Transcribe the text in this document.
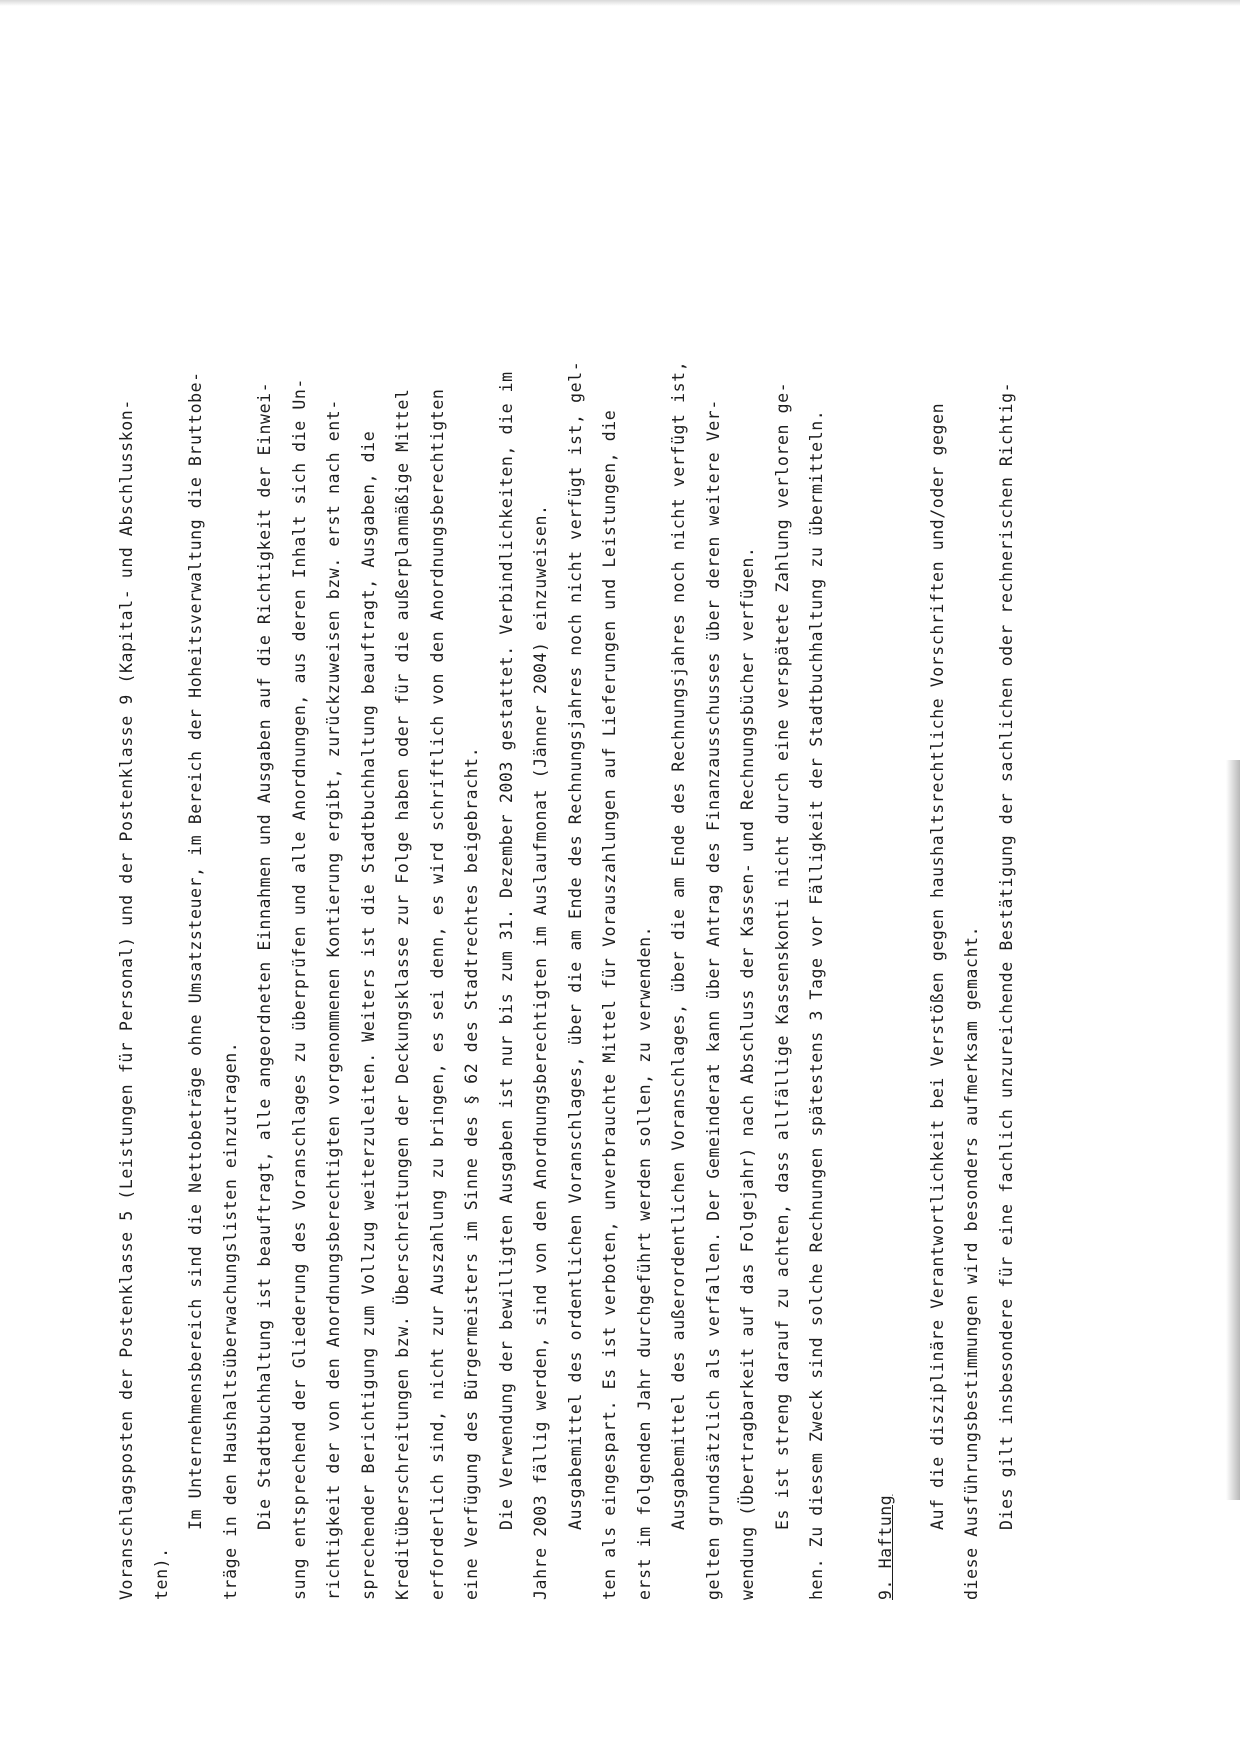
Voranschlagsposten der Postenklasse 5 (Leistungen für Personal) und der Postenklasse 9 (Kapital- und Abschlusskon- ten).
Im Unternehmensbereich sind die Nettobeträge ohne Umsatzsteuer, im Bereich der Hoheitsverwaltung die Bruttobe- träge in den Haushaltsüberwachungslisten einzutragen. Die Stadtbuchhaltung ist beauftragt, alle angeordneten Einnahmen und Ausgaben auf die Richtigkeit der Einwei- sung entsprechend der Gliederung des Voranschlages zu überprüfen und alle Anordnungen, aus deren Inhalt sich die Un- richtigkeit der von den Anordnungsberechtigten vorgenommenen Kontierung ergibt, zurückzuweisen bzw. erst nach ent- sprechender Berichtigung zum Vollzug weiterzuleiten. Weiters ist die Stadtbuchhaltung beauftragt, Ausgaben, die Kreditüberschreitungen bzw. Überschreitungen der Deckungsklasse zur Folge haben oder für die außerplanmäßige Mittel erforderlich sind, nicht zur Auszahlung zu bringen, es sei denn, es wird schriftlich von den Anordnungsberechtigten eine Verfügung des Bürgermeisters im Sinne des § 62 des Stadtrechtes beigebracht. Die Verwendung der bewilligten Ausgaben ist nur bis zum 31. Dezember 2003 gestattet. Verbindlichkeiten, die im Jahre 2003 fällig werden, sind von den Anordnungsberechtigten im Auslaufmonat (Jänner 2004) einzuweisen. Ausgabemittel des ordentlichen Voranschlages, über die am Ende des Rechnungsjahres noch nicht verfügt ist, gel- ten als eingespart. Es ist verboten, unverbrauchte Mittel für Vorauszahlungen auf Lieferungen und Leistungen, die erst im folgenden Jahr durchgeführt werden sollen, zu verwenden. Ausgabemittel des außerordentlichen Voranschlages, über die am Ende des Rechnungsjahres noch nicht verfügt ist, gelten grundsätzlich als verfallen. Der Gemeinderat kann über Antrag des Finanzausschusses über deren weitere Ver- wendung (Übertragbarkeit auf das Folgejahr) nach Abschluss der Kassen- und Rechnungsbücher verfügen. Es ist streng darauf zu achten, dass allfällige Kassenskonti nicht durch eine verspätete Zahlung verloren ge- hen. Zu diesem Zweck sind solche Rechnungen spätestens 3 Tage vor Fälligkeit der Stadtbuchhaltung zu übermitteln.	9. Haftung
Auf die disziplinäre Verantwortlichkeit bei Verstößen gegen haushaltsrechtliche Vorschriften und/oder gegen diese Ausführungsbestimmungen wird besonders aufmerksam gemacht. Dies gilt insbesondere für eine fachlich unzureichende Bestätigung der sachlichen oder rechnerischen Richtig-
